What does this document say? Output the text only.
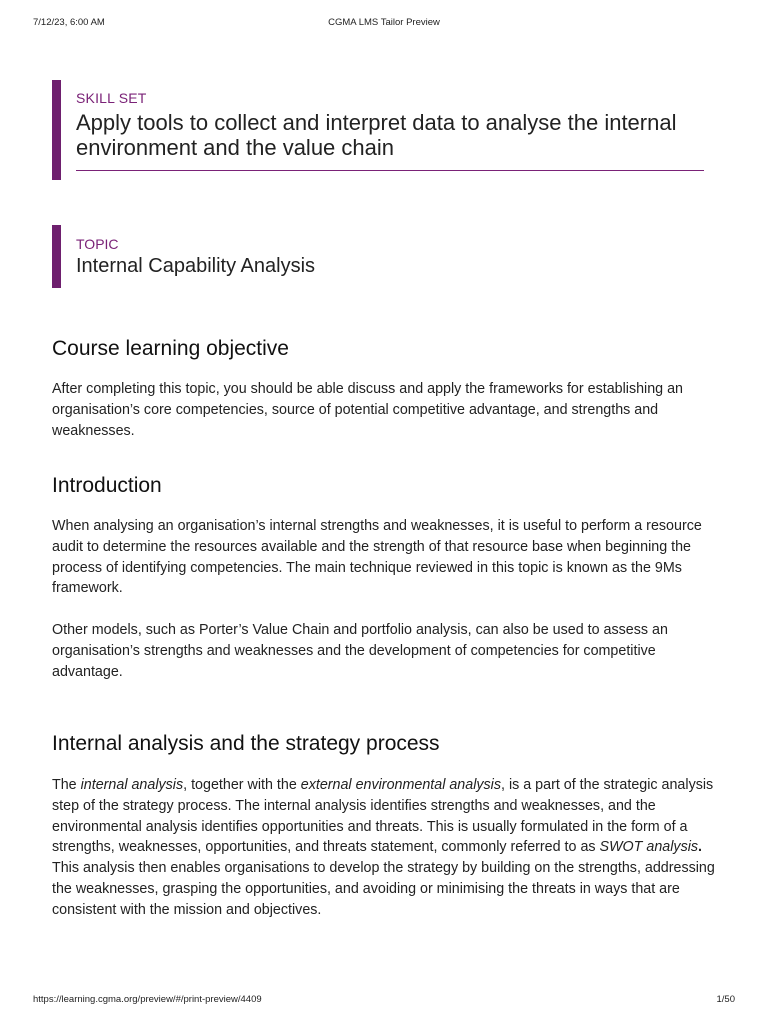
7/12/23, 6:00 AM	CGMA LMS Tailor Preview
SKILL SET
Apply tools to collect and interpret data to analyse the internal environment and the value chain
TOPIC
Internal Capability Analysis
Course learning objective

After completing this topic, you should be able discuss and apply the frameworks for establishing an organisation’s core competencies, source of potential competitive advantage, and strengths and weaknesses.

Introduction

When analysing an organisation’s internal strengths and weaknesses, it is useful to perform a resource audit to determine the resources available and the strength of that resource base when beginning the process of identifying competencies. The main technique reviewed in this topic is known as the 9Ms framework.

Other models, such as Porter’s Value Chain and portfolio analysis, can also be used to assess an organisation’s strengths and weaknesses and the development of competencies for competitive advantage.

Internal analysis and the strategy process

The internal analysis, together with the external environmental analysis, is a part of the strategic analysis step of the strategy process. The internal analysis identifies strengths and weaknesses, and the environmental analysis identifies opportunities and threats. This is usually formulated in the form of a strengths, weaknesses, opportunities, and threats statement, commonly referred to as SWOT analysis. This analysis then enables organisations to develop the strategy by building on the strengths, addressing the weaknesses, grasping the opportunities, and avoiding or minimising the threats in ways that are consistent with the mission and objectives.

https://learning.cgma.org/preview/#/print-preview/4409	1/50
